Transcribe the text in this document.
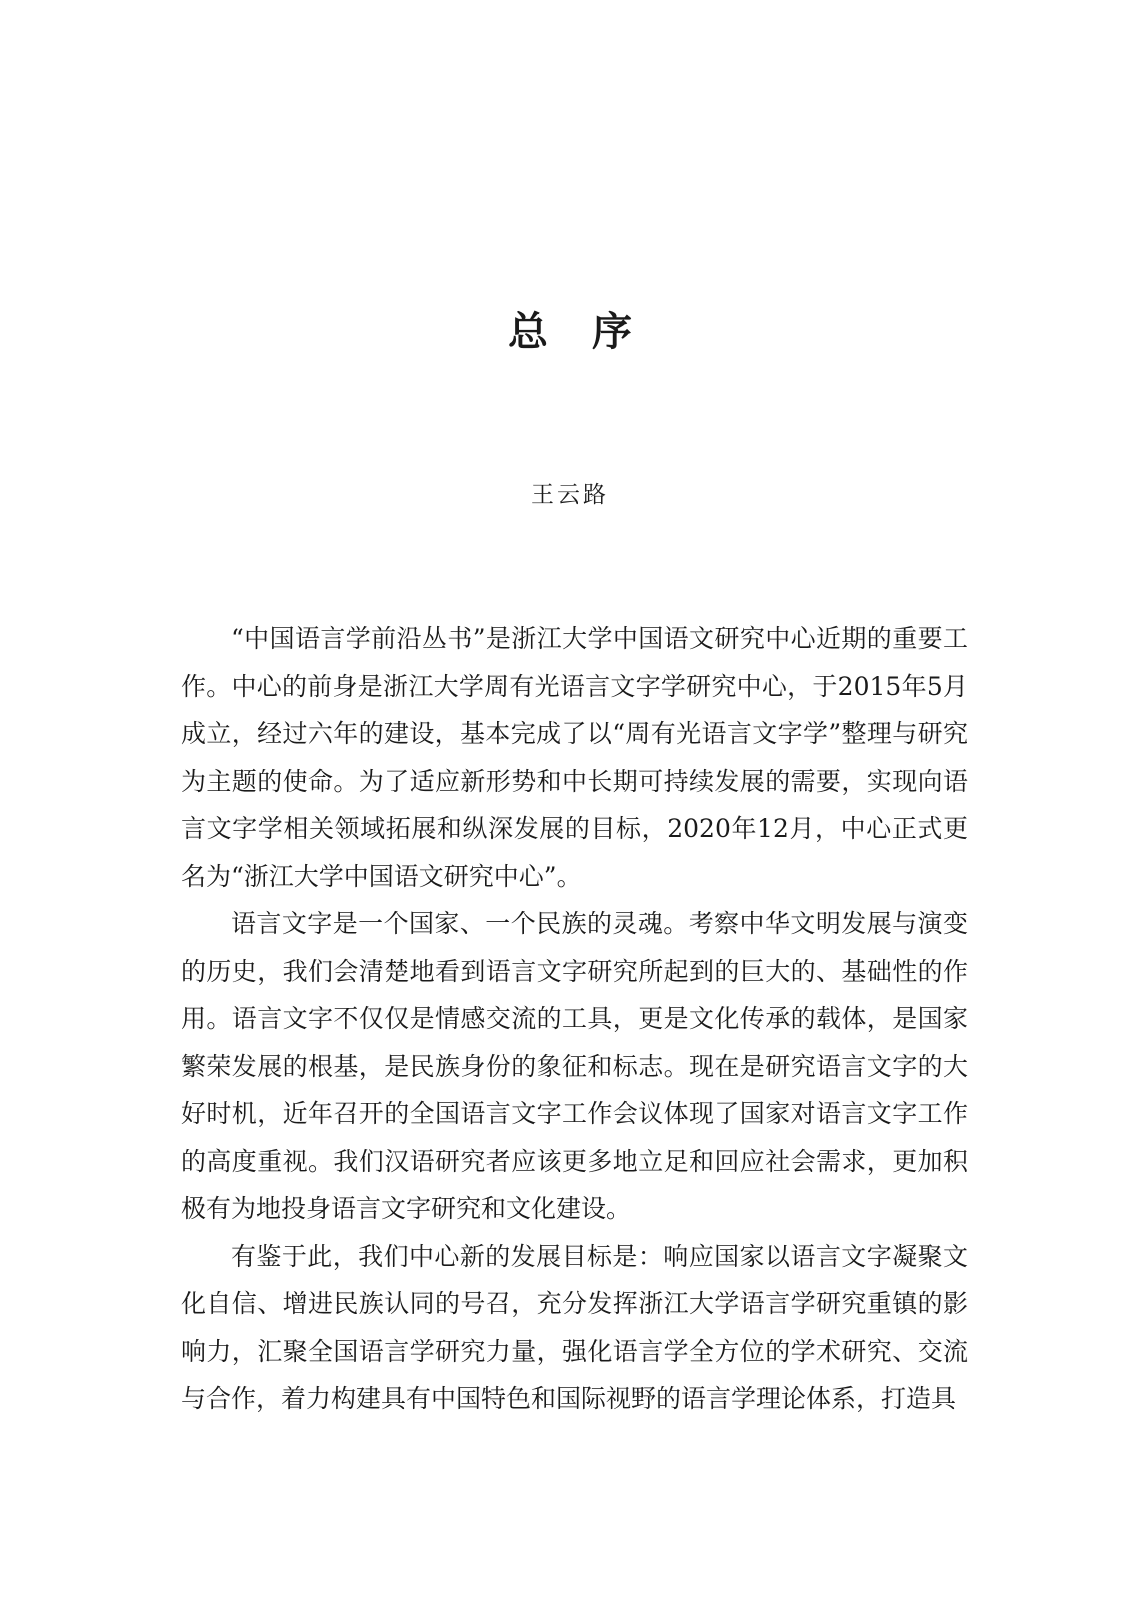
总 序
王云路

“中国语言学前沿丛书”是浙江大学中国语文研究中心近期的重要工作。中心的前身是浙江大学周有光语言文字学研究中心，于2015年5月成立，经过六年的建设，基本完成了以“周有光语言文字学”整理与研究为主题的使命。为了适应新形势和中长期可持续发展的需要，实现向语言文字学相关领域拓展和纵深发展的目标，2020年12月，中心正式更名为“浙江大学中国语文研究中心”。

语言文字是一个国家、一个民族的灵魂。考察中华文明发展与演变的历史，我们会清楚地看到语言文字研究所起到的巨大的、基础性的作用。语言文字不仅仅是情感交流的工具，更是文化传承的载体，是国家繁荣发展的根基，是民族身份的象征和标志。现在是研究语言文字的大好时机，近年召开的全国语言文字工作会议体现了国家对语言文字工作的高度重视。我们汉语研究者应该更多地立足和回应社会需求，更加积极有为地投身语言文字研究和文化建设。

有鉴于此，我们中心新的发展目标是：响应国家以语言文字凝聚文化自信、增进民族认同的号召，充分发挥浙江大学语言学研究重镇的影响力，汇聚全国语言学研究力量，强化语言学全方位的学术研究、交流与合作，着力构建具有中国特色和国际视野的语言学理论体系，打造具
